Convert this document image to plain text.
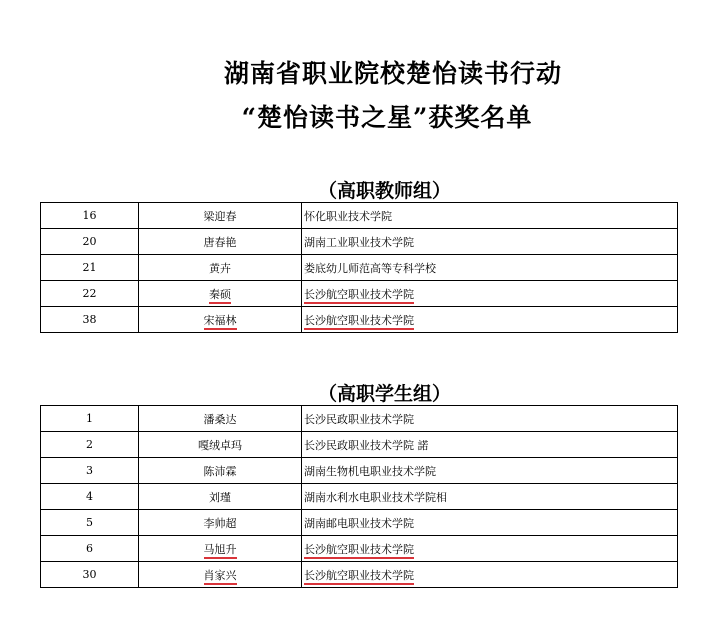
湖南省职业院校楚怡读书行动
“楚怡读书之星”获奖名单
（高职教师组）
16	梁迎春	怀化职业技术学院
20	唐春艳	湖南工业职业技术学院
21	黄卉	娄底幼儿师范高等专科学校
22	秦硕	长沙航空职业技术学院
38	宋福林	长沙航空职业技术学院
（高职学生组）
1	潘桑达	长沙民政职业技术学院
2	嘎绒卓玛	长沙民政职业技术学院 諾
3	陈沛霖	湖南生物机电职业技术学院
4	刘瑾	湖南水利水电职业技术学院相
5	李帅超	湖南邮电职业技术学院
6	马旭升	长沙航空职业技术学院
30	肖家兴	长沙航空职业技术学院
